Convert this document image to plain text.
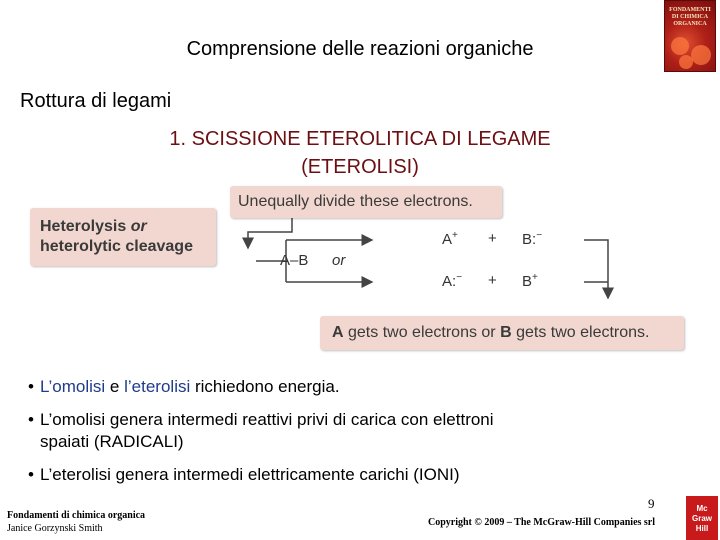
Comprensione delle reazioni organiche
Rottura di legami
1. SCISSIONE ETEROLITICA DI LEGAME
(ETEROLISI)
FONDAMENTI
DI CHIMICA
ORGANICA
Unequally divide these electrons.
Heterolysis or
heterolytic cleavage
A–B or
A+ + B:−
A:− + B+
A gets two electrons or B gets two electrons.
• L’omolisi e l’eterolisi richiedono energia.
• L’omolisi genera intermedi reattivi privi di carica con elettroni
spaiati (RADICALI)
• L’eterolisi genera intermedi elettricamente carichi (IONI)
Fondamenti di chimica organica
Janice Gorzynski Smith
9
Copyright © 2009 – The McGraw-Hill Companies srl
Mc
Graw
Hill
